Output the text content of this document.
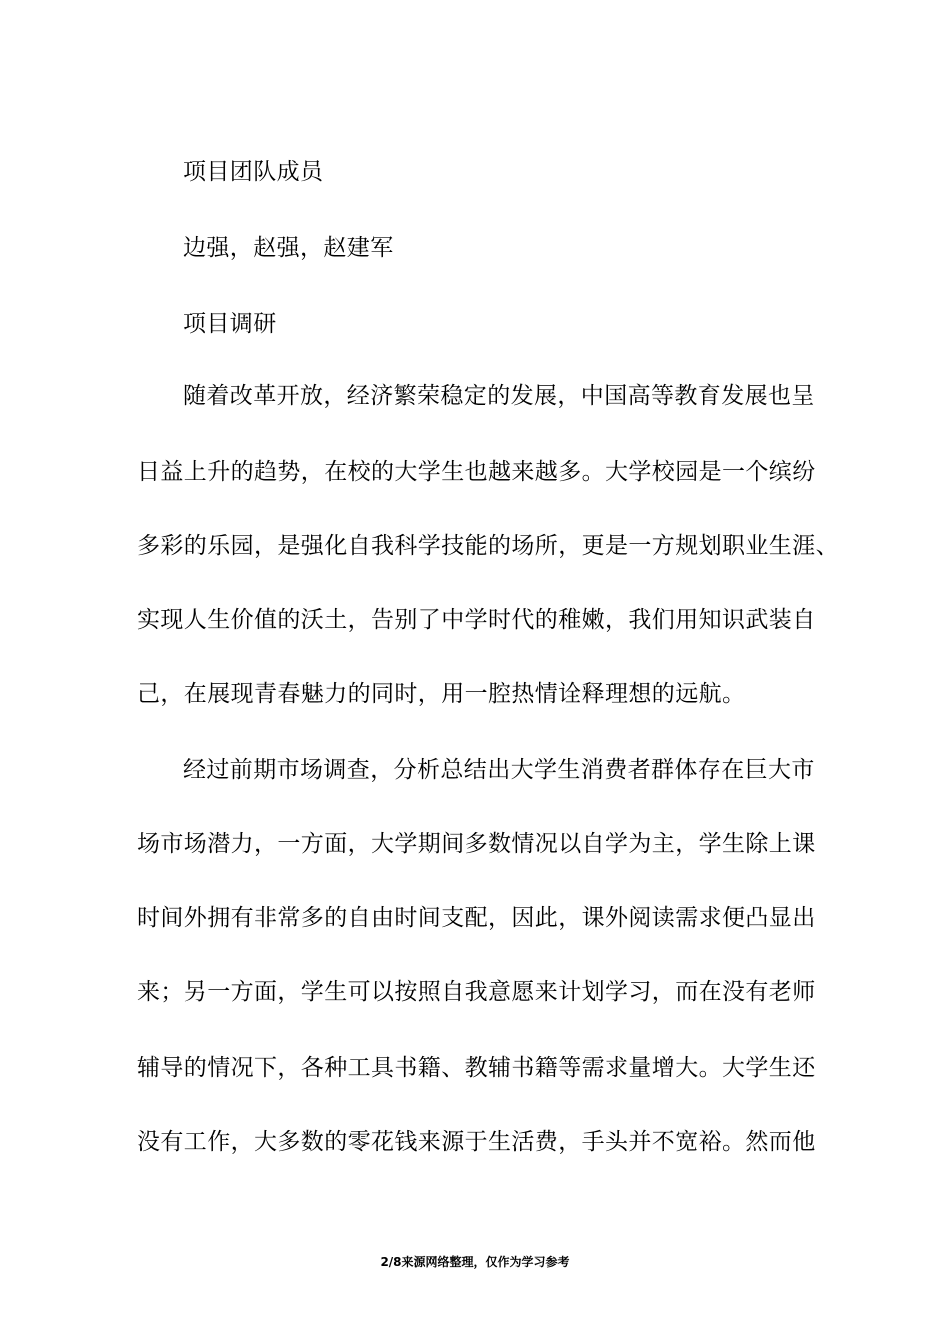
项目团队成员
边强，赵强，赵建军
项目调研
随着改革开放，经济繁荣稳定的发展，中国高等教育发展也呈
日益上升的趋势，在校的大学生也越来越多。大学校园是一个缤纷
多彩的乐园，是强化自我科学技能的场所，更是一方规划职业生涯、
实现人生价值的沃土，告别了中学时代的稚嫩，我们用知识武装自
己，在展现青春魅力的同时，用一腔热情诠释理想的远航。
经过前期市场调查，分析总结出大学生消费者群体存在巨大市
场市场潜力，一方面，大学期间多数情况以自学为主，学生除上课
时间外拥有非常多的自由时间支配，因此，课外阅读需求便凸显出
来；另一方面，学生可以按照自我意愿来计划学习，而在没有老师
辅导的情况下，各种工具书籍、教辅书籍等需求量增大。大学生还
没有工作，大多数的零花钱来源于生活费，手头并不宽裕。然而他
2/8来源网络整理，仅作为学习参考
